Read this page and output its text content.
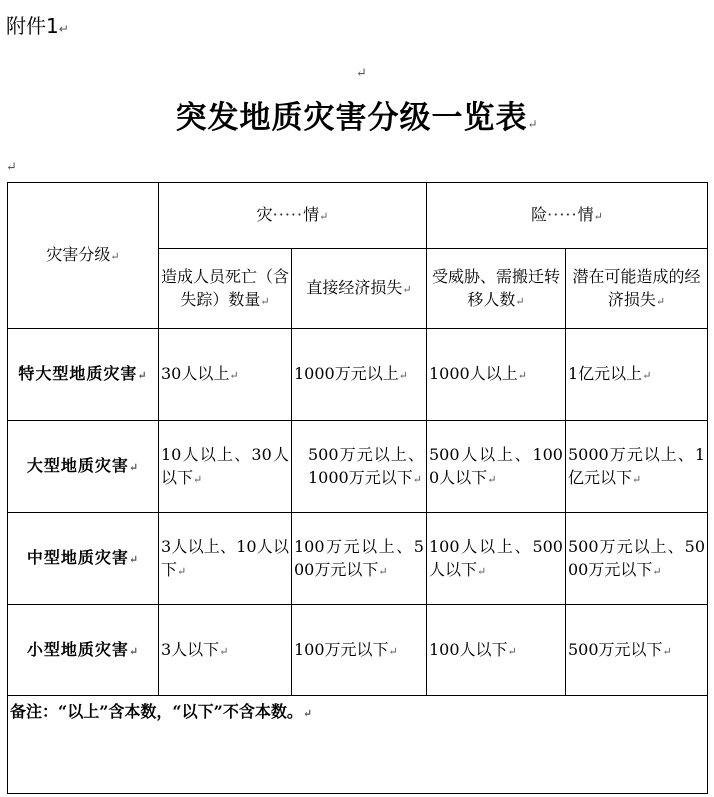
附件1↵
↵
突发地质灾害分级一览表↵
↵
灾害分级↵	灾·····情↵		险·····情↵	
	造成人员死亡（含失踪）数量↵	直接经济损失↵	受威胁、需搬迁转移人数↵	潜在可能造成的经济损失↵
特大型地质灾害↵	30人以上↵	1000万元以上↵	1000人以上↵	1亿元以上↵
大型地质灾害↵	10人以上、30人以下↵	500万元以上、1000万元以下↵	500人以上、1000人以下↵	5000万元以上、1亿元以下↵
中型地质灾害↵	3人以上、10人以下↵	100万元以上、500万元以下↵	100人以上、500人以下↵	500万元以上、5000万元以下↵
小型地质灾害↵	3人以下↵	100万元以下↵	100人以下↵	500万元以下↵
备注：“以上”含本数，“以下”不含本数。↵				
